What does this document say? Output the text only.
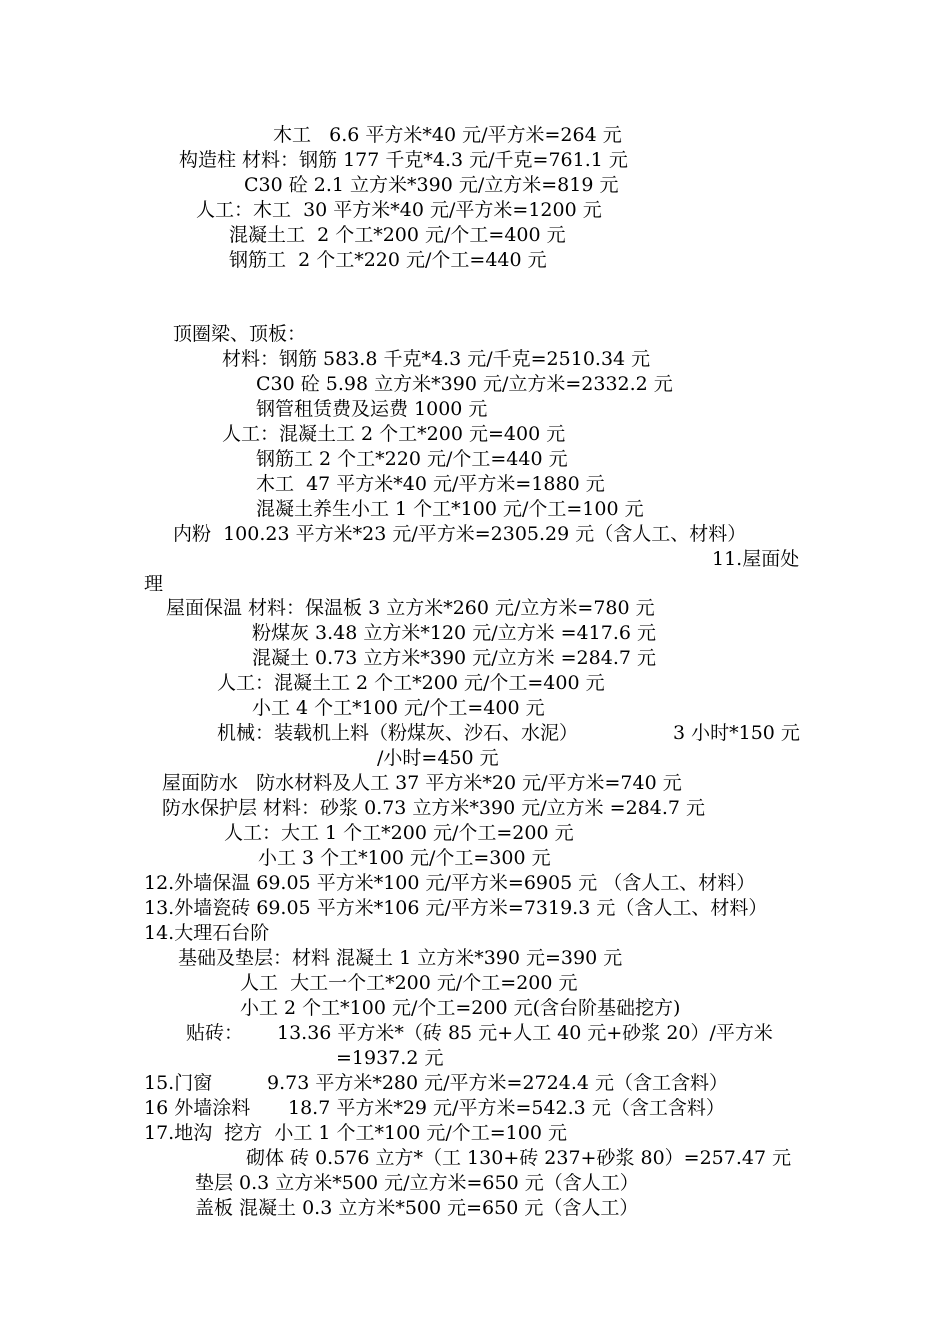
木工   6.6 平方米*40 元/平方米=264 元
构造柱 材料：钢筋 177 千克*4.3 元/千克=761.1 元
C30 砼 2.1 立方米*390 元/立方米=819 元
人工：木工  30 平方米*40 元/平方米=1200 元
混凝土工  2 个工*200 元/个工=400 元
钢筋工  2 个工*220 元/个工=440 元
顶圈梁、顶板：
材料：钢筋 583.8 千克*4.3 元/千克=2510.34 元
C30 砼 5.98 立方米*390 元/立方米=2332.2 元
钢管租赁费及运费 1000 元
人工：混凝土工 2 个工*200 元=400 元
钢筋工 2 个工*220 元/个工=440 元
木工  47 平方米*40 元/平方米=1880 元
混凝土养生小工 1 个工*100 元/个工=100 元
内粉  100.23 平方米*23 元/平方米=2305.29 元（含人工、材料）
11.屋面处
理
屋面保温 材料：保温板 3 立方米*260 元/立方米=780 元
粉煤灰 3.48 立方米*120 元/立方米 =417.6 元
混凝土 0.73 立方米*390 元/立方米 =284.7 元
人工：混凝土工 2 个工*200 元/个工=400 元
小工 4 个工*100 元/个工=400 元
机械：装载机上料（粉煤灰、沙石、水泥）	3 小时*150 元
/小时=450 元
屋面防水   防水材料及人工 37 平方米*20 元/平方米=740 元
防水保护层 材料：砂浆 0.73 立方米*390 元/立方米 =284.7 元
人工：大工 1 个工*200 元/个工=200 元
小工 3 个工*100 元/个工=300 元
12.外墙保温 69.05 平方米*100 元/平方米=6905 元 （含人工、材料）
13.外墙瓷砖 69.05 平方米*106 元/平方米=7319.3 元（含人工、材料）
14.大理石台阶
基础及垫层：材料 混凝土 1 立方米*390 元=390 元
人工  大工一个工*200 元/个工=200 元
小工 2 个工*100 元/个工=200 元(含台阶基础挖方)
贴砖： 13.36 平方米*（砖 85 元+人工 40 元+砂浆 20）/平方米
=1937.2 元
15.门窗	9.73 平方米*280 元/平方米=2724.4 元（含工含料）
16 外墙涂料 18.7 平方米*29 元/平方米=542.3 元（含工含料）
17.地沟  挖方  小工 1 个工*100 元/个工=100 元
砌体 砖 0.576 立方*（工 130+砖 237+砂浆 80）=257.47 元
垫层 0.3 立方米*500 元/立方米=650 元（含人工）
盖板 混凝土 0.3 立方米*500 元=650 元（含人工）
